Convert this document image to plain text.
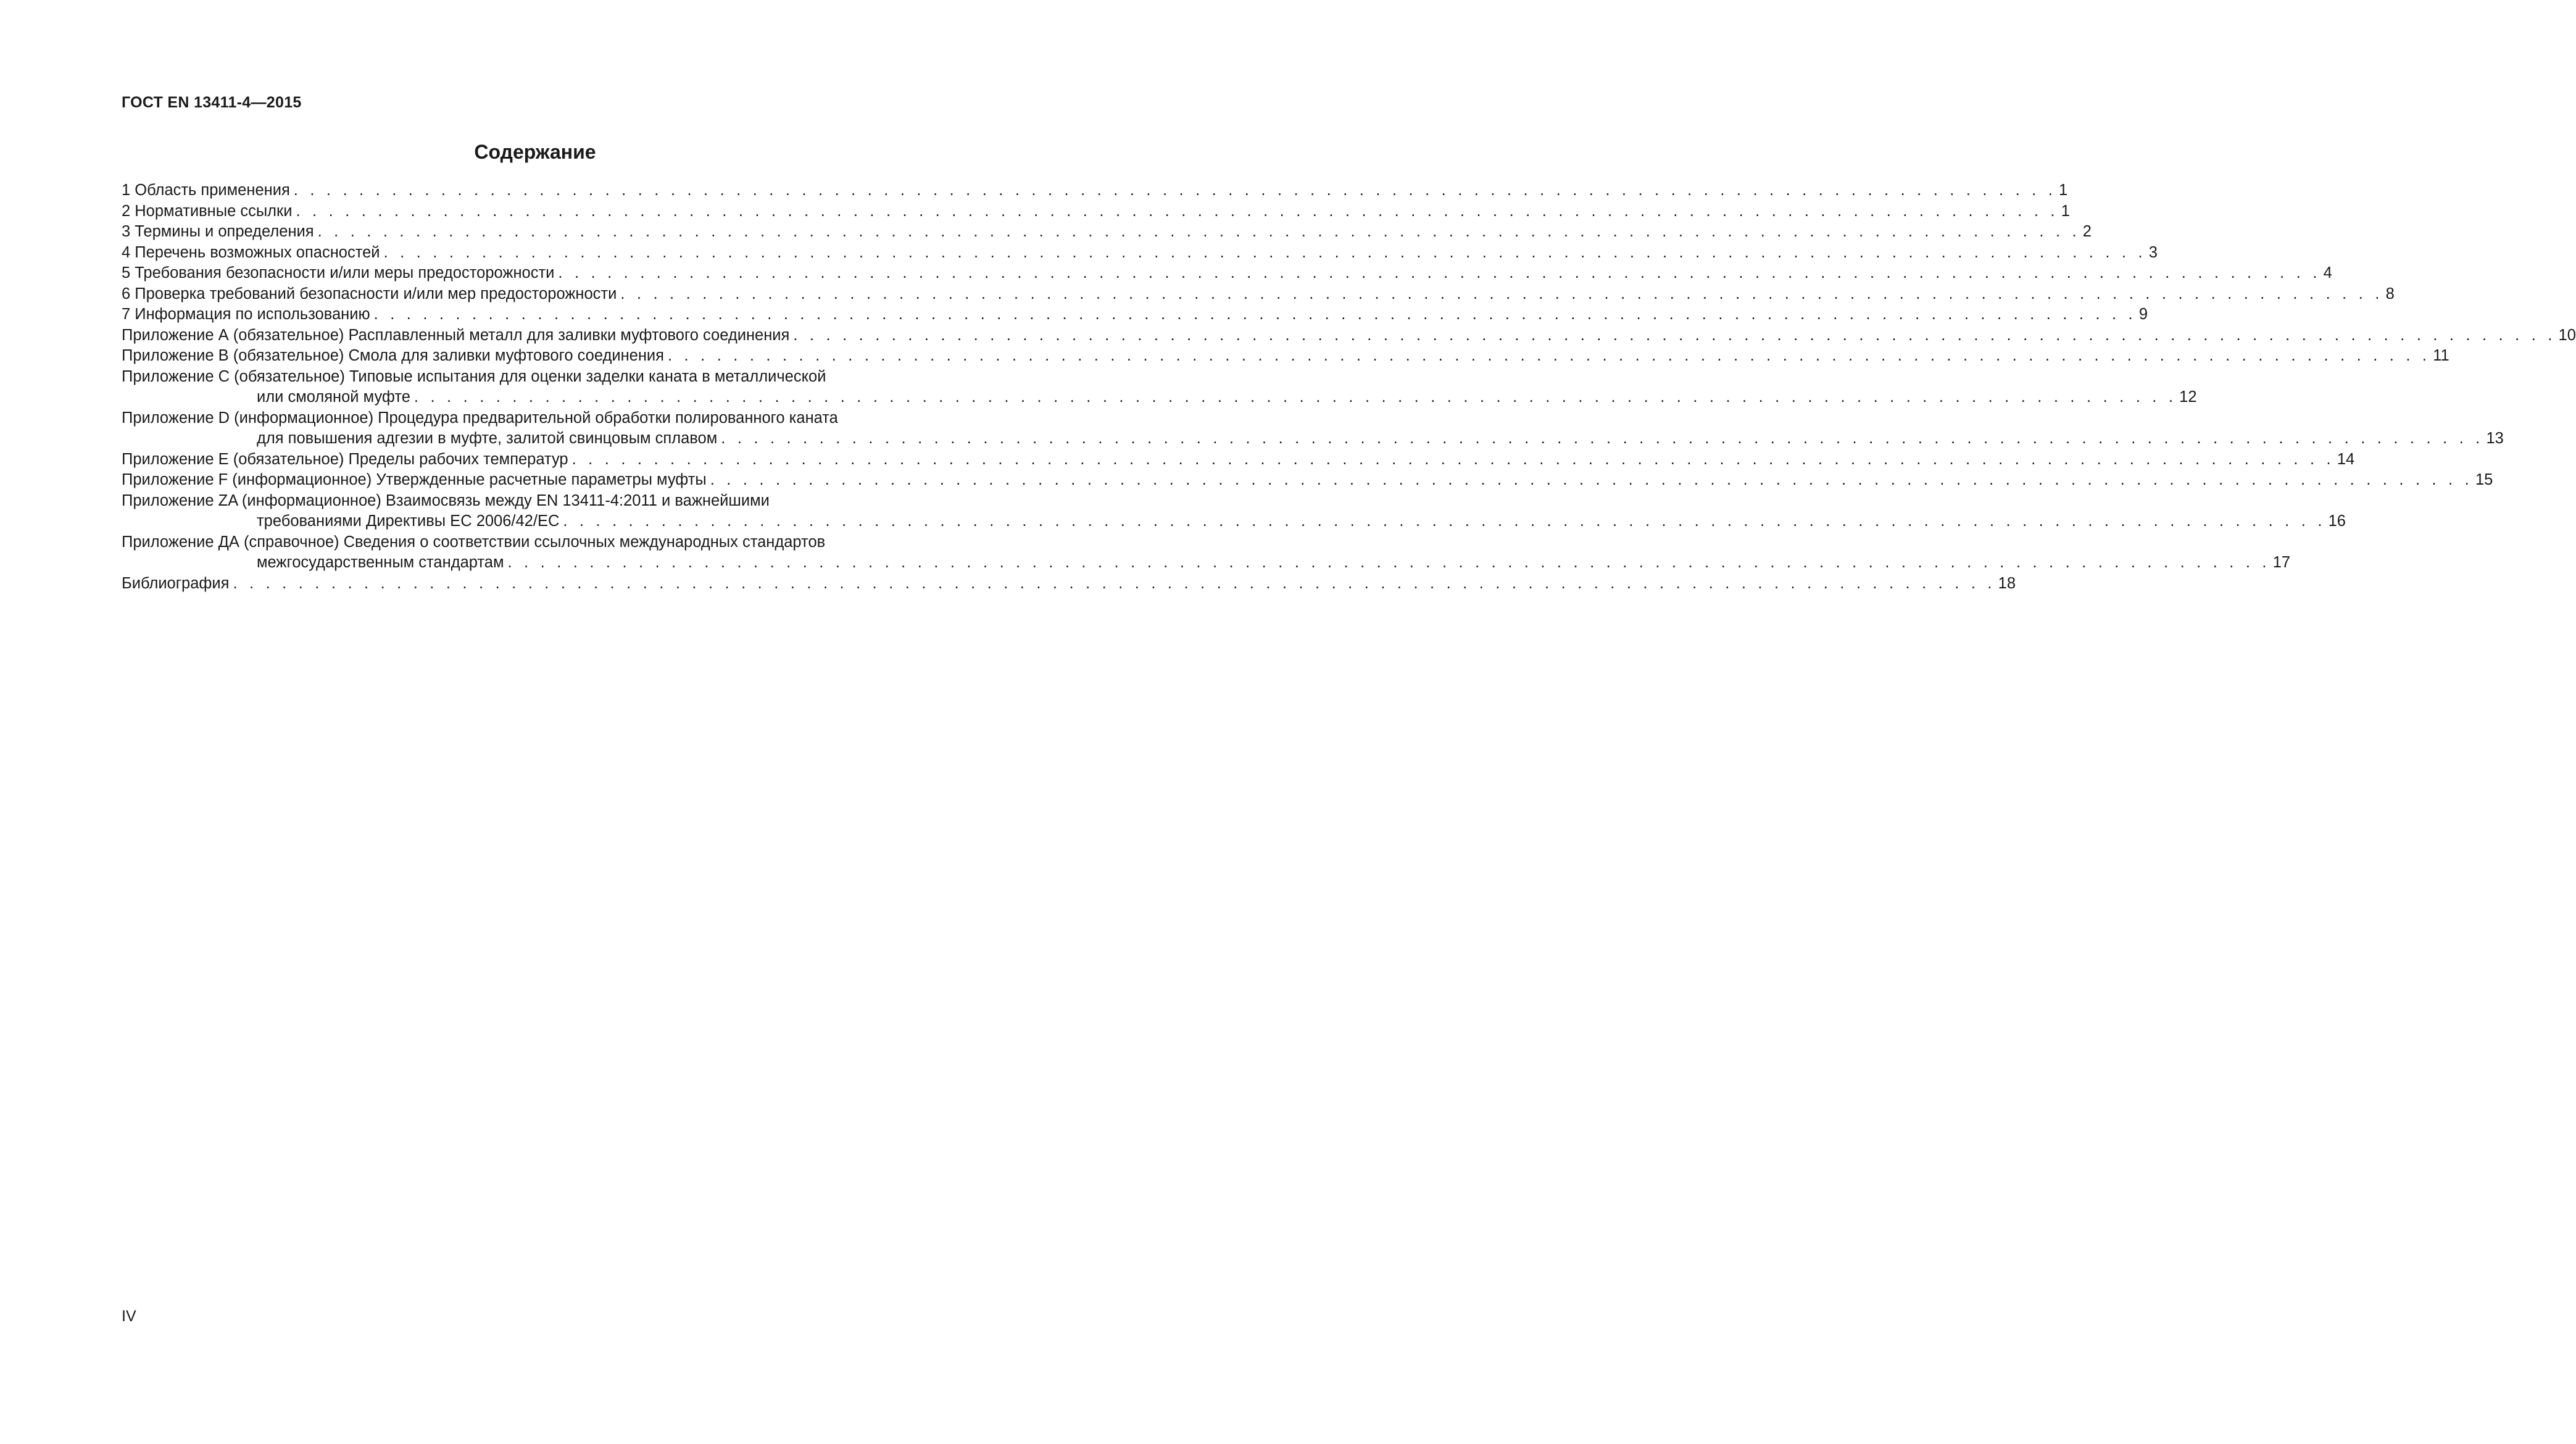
ГОСТ EN 13411-4—2015
Содержание
1 Область применения . . . . . . . . . . . . . . . . . . . . . . . . . . . . . . . . . . . . . . . . . . . . . . . . . . . . . . . . . . . . . . . . . . . . . . . . . . . . . . . . . . . . . . . . . . . . . . . . . . . . . . . . . . . . 1
2 Нормативные ссылки . . . . . . . . . . . . . . . . . . . . . . . . . . . . . . . . . . . . . . . . . . . . . . . . . . . . . . . . . . . . . . . . . . . . . . . . . . . . . . . . . . . . . . . . . . . . . . . . . . . . . . . . . . . . 1
3 Термины и определения . . . . . . . . . . . . . . . . . . . . . . . . . . . . . . . . . . . . . . . . . . . . . . . . . . . . . . . . . . . . . . . . . . . . . . . . . . . . . . . . . . . . . . . . . . . . . . . . . . . . . . . . . . . . 2
4 Перечень возможных опасностей . . . . . . . . . . . . . . . . . . . . . . . . . . . . . . . . . . . . . . . . . . . . . . . . . . . . . . . . . . . . . . . . . . . . . . . . . . . . . . . . . . . . . . . . . . . . . . . . . . . . . . . . . . . . 3
5 Требования безопасности и/или меры предосторожности . . . . . . . . . . . . . . . . . . . . . . . . . . . . . . . . . . . . . . . . . . . . . . . . . . . . . . . . . . . . . . . . . . . . . . . . . . . . . . . . . . . . . . . . . . . . . . . . . . . . . . . . . . . . 4
6 Проверка требований безопасности и/или мер предосторожности . . . . . . . . . . . . . . . . . . . . . . . . . . . . . . . . . . . . . . . . . . . . . . . . . . . . . . . . . . . . . . . . . . . . . . . . . . . . . . . . . . . . . . . . . . . . . . . . . . . . . . . . . . . . 8
7 Информация по использованию . . . . . . . . . . . . . . . . . . . . . . . . . . . . . . . . . . . . . . . . . . . . . . . . . . . . . . . . . . . . . . . . . . . . . . . . . . . . . . . . . . . . . . . . . . . . . . . . . . . . . . . . . . . . 9
Приложение А (обязательное) Расплавленный металл для заливки муфтового соединения . . . . . . . . . . . . . . . . . . . . . . . . . . . . . . . . . . . . . . . . . . . . . . . . . . . . . . . . . . . . . . . . . . . . . . . . . . . . . . . . . . . . . . . . . . . . . . . . . . . . . . . . . . . . 10
Приложение В (обязательное) Смола для заливки муфтового соединения . . . . . . . . . . . . . . . . . . . . . . . . . . . . . . . . . . . . . . . . . . . . . . . . . . . . . . . . . . . . . . . . . . . . . . . . . . . . . . . . . . . . . . . . . . . . . . . . . . . . . . . . . . . . 11
Приложение С (обязательное) Типовые испытания для оценки заделки каната в металлической
или смоляной муфте . . . . . . . . . . . . . . . . . . . . . . . . . . . . . . . . . . . . . . . . . . . . . . . . . . . . . . . . . . . . . . . . . . . . . . . . . . . . . . . . . . . . . . . . . . . . . . . . . . . . . . . . . . . . 12
Приложение D (информационное) Процедура предварительной обработки полированного каната
для повышения адгезии в муфте, залитой свинцовым сплавом . . . . . . . . . . . . . . . . . . . . . . . . . . . . . . . . . . . . . . . . . . . . . . . . . . . . . . . . . . . . . . . . . . . . . . . . . . . . . . . . . . . . . . . . . . . . . . . . . . . . . . . . . . . . 13
Приложение Е (обязательное) Пределы рабочих температур . . . . . . . . . . . . . . . . . . . . . . . . . . . . . . . . . . . . . . . . . . . . . . . . . . . . . . . . . . . . . . . . . . . . . . . . . . . . . . . . . . . . . . . . . . . . . . . . . . . . . . . . . . . . 14
Приложение F (информационное) Утвержденные расчетные параметры муфты . . . . . . . . . . . . . . . . . . . . . . . . . . . . . . . . . . . . . . . . . . . . . . . . . . . . . . . . . . . . . . . . . . . . . . . . . . . . . . . . . . . . . . . . . . . . . . . . . . . . . . . . . . . . 15
Приложение ZA (информационное) Взаимосвязь между EN 13411-4:2011 и важнейшими
требованиями Директивы ЕС 2006/42/ЕС . . . . . . . . . . . . . . . . . . . . . . . . . . . . . . . . . . . . . . . . . . . . . . . . . . . . . . . . . . . . . . . . . . . . . . . . . . . . . . . . . . . . . . . . . . . . . . . . . . . . . . . . . . . . 16
Приложение ДА (справочное) Сведения о соответствии ссылочных международных стандартов
межгосударственным стандартам . . . . . . . . . . . . . . . . . . . . . . . . . . . . . . . . . . . . . . . . . . . . . . . . . . . . . . . . . . . . . . . . . . . . . . . . . . . . . . . . . . . . . . . . . . . . . . . . . . . . . . . . . . . . 17
Библиография . . . . . . . . . . . . . . . . . . . . . . . . . . . . . . . . . . . . . . . . . . . . . . . . . . . . . . . . . . . . . . . . . . . . . . . . . . . . . . . . . . . . . . . . . . . . . . . . . . . . . . . . . . . . 18
IV
